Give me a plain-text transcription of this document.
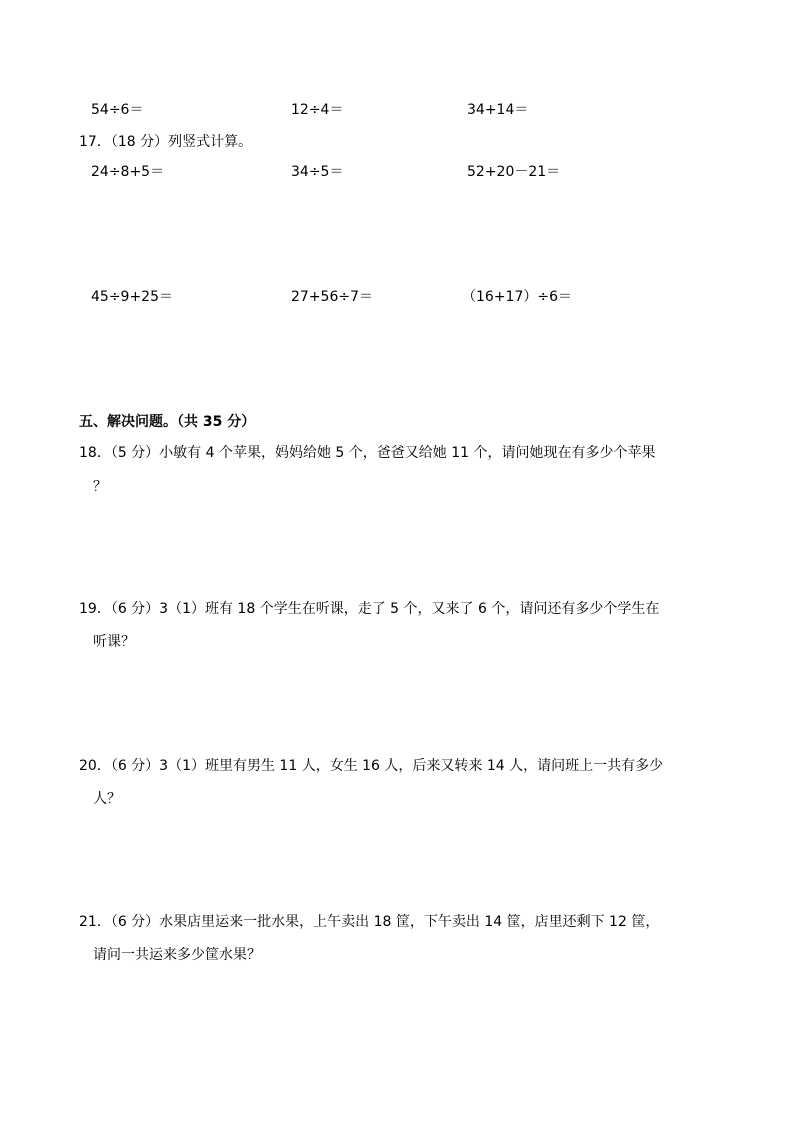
54÷6＝	12÷4＝	34+14＝
17．（18 分）列竖式计算。
24÷8+5＝	34÷5＝	52+20－21＝
45÷9+25＝	27+56÷7＝	（16+17）÷6＝
五、解决问题。（共 35 分）
18．（5 分）小敏有 4 个苹果，妈妈给她 5 个，爸爸又给她 11 个，请问她现在有多少个苹果
？
19．（6 分）3（1）班有 18 个学生在听课，走了 5 个，又来了 6 个，请问还有多少个学生在
听课？
20．（6 分）3（1）班里有男生 11 人，女生 16 人，后来又转来 14 人，请问班上一共有多少
人？
21．（6 分）水果店里运来一批水果，上午卖出 18 筐，下午卖出 14 筐，店里还剩下 12 筐，
请问一共运来多少筐水果？
